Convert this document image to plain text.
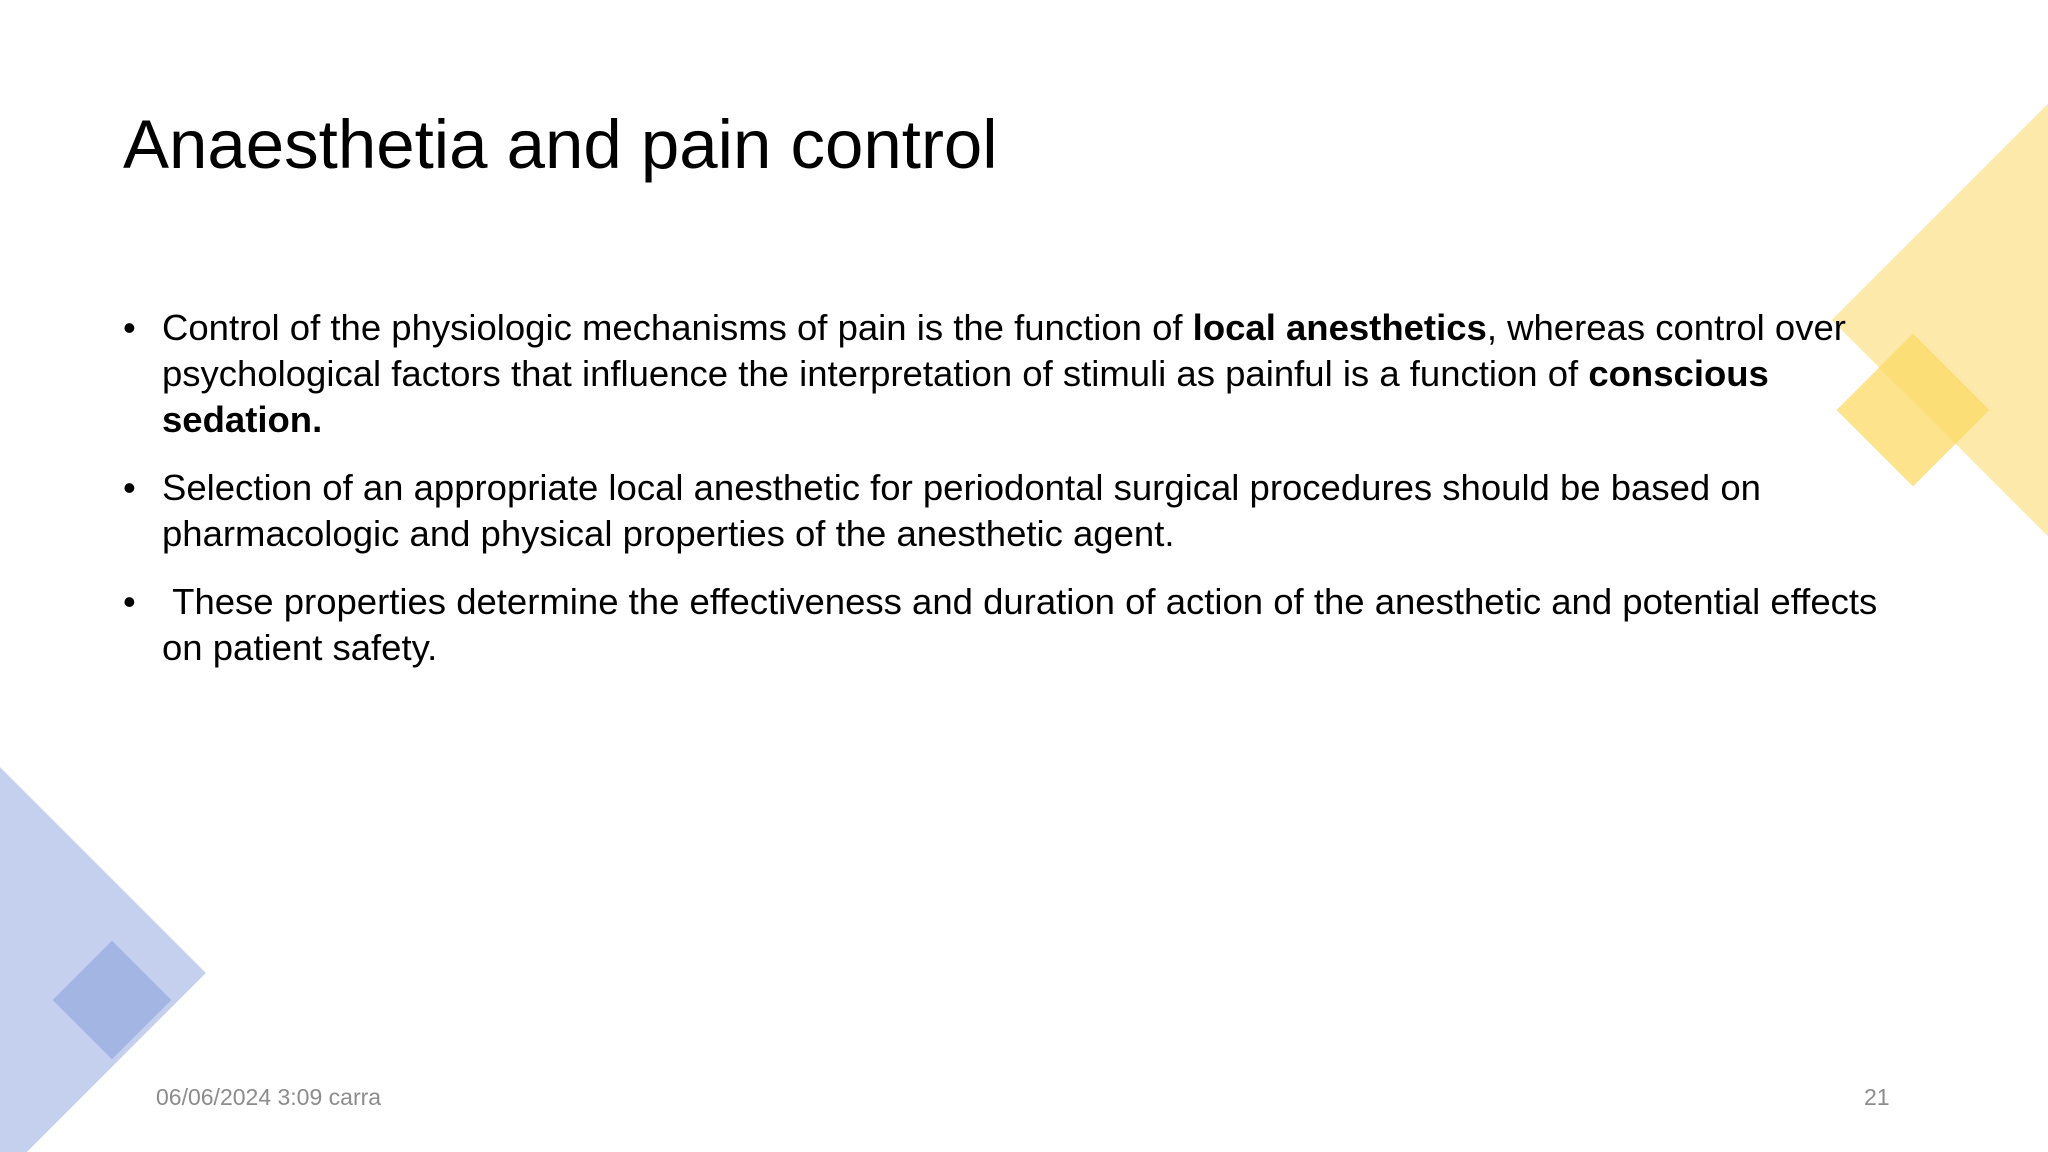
Anaesthetia and pain control
• Control of the physiologic mechanisms of pain is the function of local anesthetics, whereas control over psychological factors that influence the interpretation of stimuli as painful is a function of conscious sedation.
• Selection of an appropriate local anesthetic for periodontal surgical procedures should be based on pharmacologic and physical properties of the anesthetic agent.
• These properties determine the effectiveness and duration of action of the anesthetic and potential effects on patient safety.
06/06/2024 3:09 carra	21
